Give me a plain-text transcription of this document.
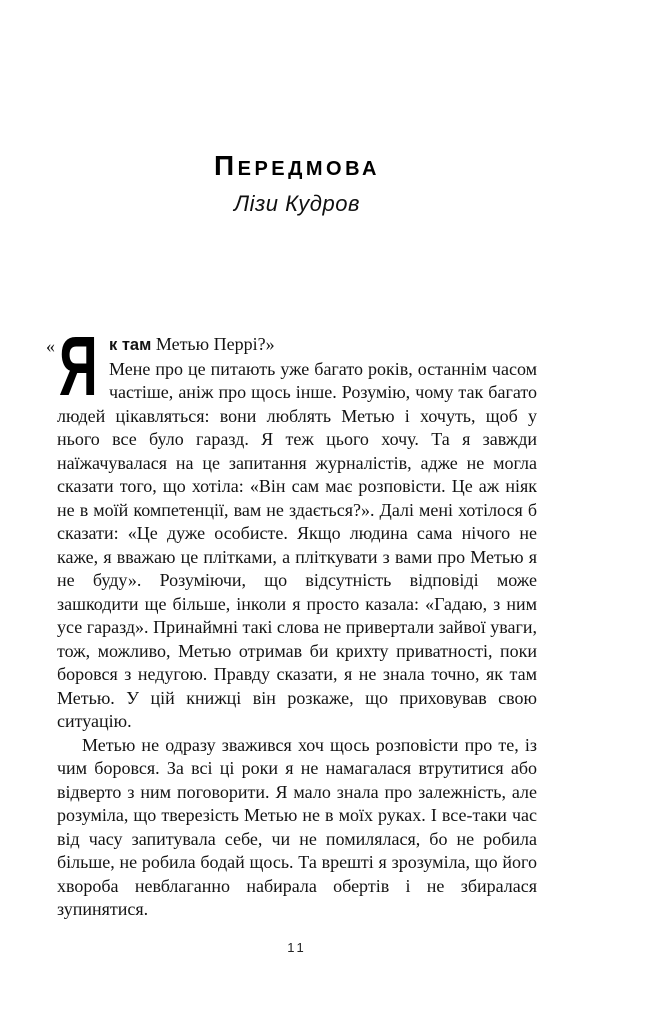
ПЕРЕДМОВА
Лізи Кудров
« Я к там Метью Перрі?»
Мене про це питають уже багато років, останнім часом частіше, аніж про щось інше. Розумію, чому так багато людей цікавляться: вони люблять Метью і хочуть, щоб у нього все було гаразд. Я теж цього хочу. Та я завжди наїжачувалася на це запитання журналістів, адже не могла сказати того, що хотіла: «Він сам має розповісти. Це аж ніяк не в моїй компетенції, вам не здається?». Далі мені хотілося б сказати: «Це дуже особисте. Якщо людина сама нічого не каже, я вважаю це плітками, а пліткувати з вами про Метью я не буду». Розуміючи, що відсутність відповіді може зашкодити ще більше, інколи я просто казала: «Гадаю, з ним усе гаразд». Принаймні такі слова не привертали зайвої уваги, тож, можливо, Метью отримав би крихту приватності, поки боровся з недугою. Правду сказати, я не знала точно, як там Метью. У цій книжці він розкаже, що приховував свою ситуацію.

Метью не одразу зважився хоч щось розповісти про те, із чим боровся. За всі ці роки я не намагалася втрутитися або відверто з ним поговорити. Я мало знала про залежність, але розуміла, що тверезість Метью не в моїх руках. І все-таки час від часу запитувала себе, чи не помилялася, бо не робила більше, не робила бодай щось. Та врешті я зрозуміла, що його хвороба невблаганно набирала обертів і не збиралася зупинятися.

11
